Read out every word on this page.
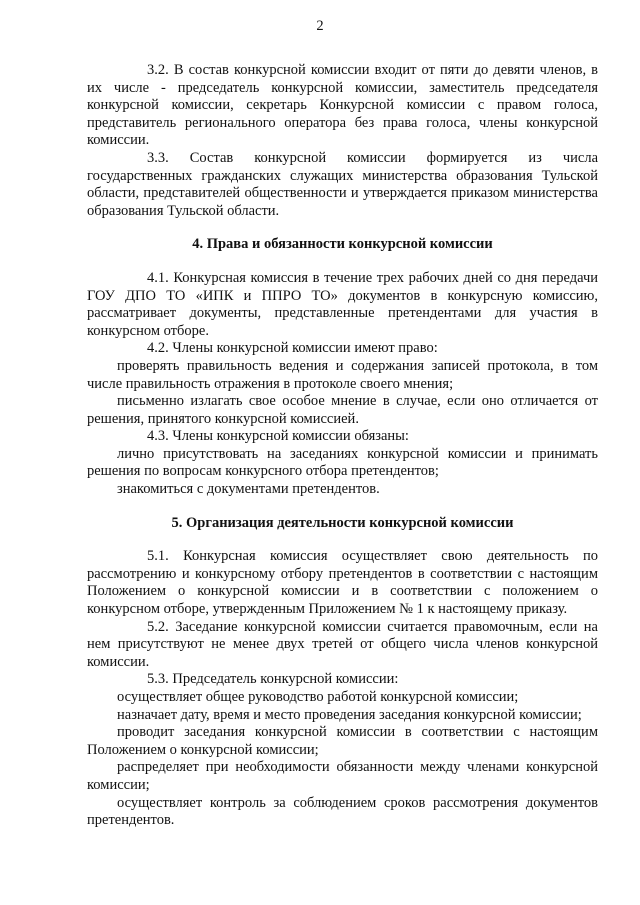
2

3.2. В состав конкурсной комиссии входит от пяти до девяти членов, в их числе - председатель конкурсной комиссии, заместитель председателя конкурсной комиссии, секретарь Конкурсной комиссии с правом голоса, представитель регионального оператора без права голоса, члены конкурсной комиссии.

3.3. Состав конкурсной комиссии формируется из числа государственных гражданских служащих министерства образования Тульской области, представителей общественности и утверждается приказом министерства образования Тульской области.

4. Права и обязанности конкурсной комиссии

4.1. Конкурсная комиссия в течение трех рабочих дней со дня передачи ГОУ ДПО ТО «ИПК и ППРО ТО» документов в конкурсную комиссию, рассматривает документы, представленные претендентами для участия в конкурсном отборе.

4.2. Члены конкурсной комиссии имеют право:

проверять правильность ведения и содержания записей протокола, в том числе правильность отражения в протоколе своего мнения;

письменно излагать свое особое мнение в случае, если оно отличается от решения, принятого конкурсной комиссией.

4.3. Члены конкурсной комиссии обязаны:

лично присутствовать на заседаниях конкурсной комиссии и принимать решения по вопросам конкурсного отбора претендентов;

знакомиться с документами претендентов.

5. Организация деятельности конкурсной комиссии

5.1. Конкурсная комиссия осуществляет свою деятельность по рассмотрению и конкурсному отбору претендентов в соответствии с настоящим Положением о конкурсной комиссии и в соответствии с положением о конкурсном отборе, утвержденным Приложением № 1 к настоящему приказу.

5.2. Заседание конкурсной комиссии считается правомочным, если на нем присутствуют не менее двух третей от общего числа членов конкурсной комиссии.

5.3. Председатель конкурсной комиссии:

осуществляет общее руководство работой конкурсной комиссии;

назначает дату, время и место проведения заседания конкурсной комиссии;

проводит заседания конкурсной комиссии в соответствии с настоящим Положением о конкурсной комиссии;

распределяет при необходимости обязанности между членами конкурсной комиссии;

осуществляет контроль за соблюдением сроков рассмотрения документов претендентов.
